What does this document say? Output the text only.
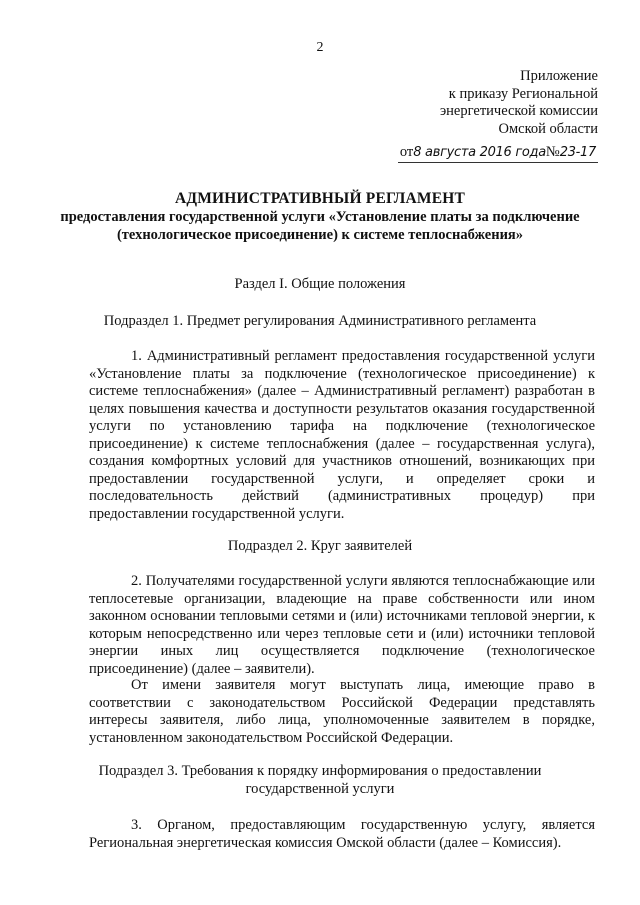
2
Приложение
к приказу Региональной
энергетической комиссии
Омской области
от8 августа 2016 года№23-17
АДМИНИСТРАТИВНЫЙ РЕГЛАМЕНТ
предоставления государственной услуги «Установление платы за подключение (технологическое присоединение) к системе теплоснабжения»
Раздел I. Общие положения
Подраздел 1. Предмет регулирования Административного регламента
1. Административный регламент предоставления государственной услуги «Установление платы за подключение (технологическое присоединение) к системе теплоснабжения» (далее – Административный регламент) разработан в целях повышения качества и доступности результатов оказания государственной услуги по установлению тарифа на подключение (технологическое присоединение) к системе теплоснабжения (далее – государственная услуга), создания комфортных условий для участников отношений, возникающих при предоставлении государственной услуги, и определяет сроки и последовательность действий (административных процедур) при предоставлении государственной услуги.
Подраздел 2. Круг заявителей
2. Получателями государственной услуги являются теплоснабжающие или теплосетевые организации, владеющие на праве собственности или ином законном основании тепловыми сетями и (или) источниками тепловой энергии, к которым непосредственно или через тепловые сети и (или) источники тепловой энергии иных лиц осуществляется подключение (технологическое присоединение) (далее – заявители).
От имени заявителя могут выступать лица, имеющие право в соответствии с законодательством Российской Федерации представлять интересы заявителя, либо лица, уполномоченные заявителем в порядке, установленном законодательством Российской Федерации.
Подраздел 3. Требования к порядку информирования о предоставлении
государственной услуги
3. Органом, предоставляющим государственную услугу, является Региональная энергетическая комиссия Омской области (далее – Комиссия).
